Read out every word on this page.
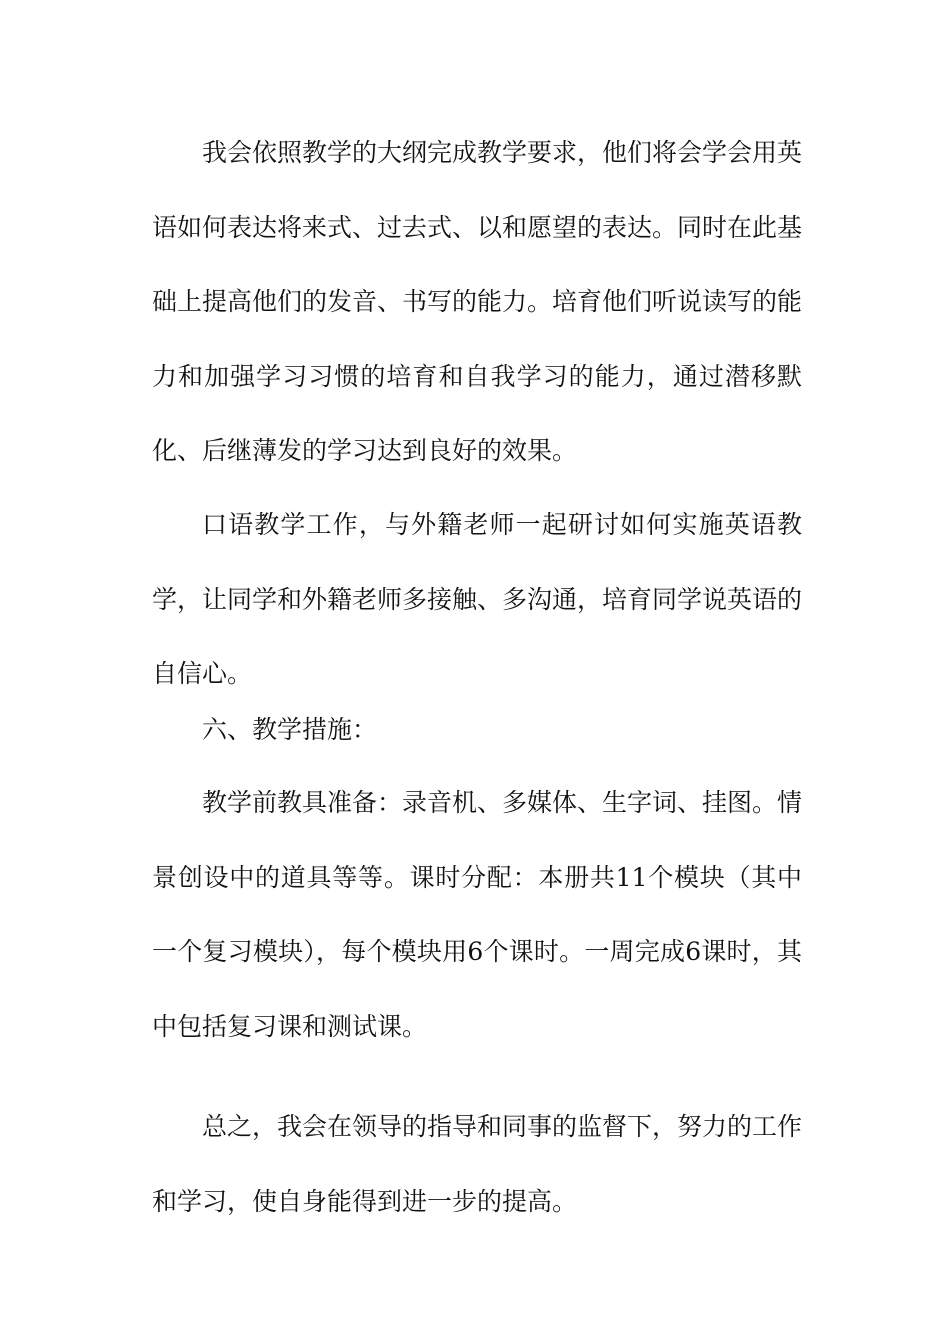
我会依照教学的大纲完成教学要求，他们将会学会用英语如何表达将来式、过去式、以和愿望的表达。同时在此基础上提高他们的发音、书写的能力。培育他们听说读写的能力和加强学习习惯的培育和自我学习的能力，通过潜移默化、后继薄发的学习达到良好的效果。

口语教学工作，与外籍老师一起研讨如何实施英语教学，让同学和外籍老师多接触、多沟通，培育同学说英语的自信心。

六、教学措施：

教学前教具准备：录音机、多媒体、生字词、挂图。情景创设中的道具等等。课时分配：本册共11个模块（其中一个复习模块），每个模块用6个课时。一周完成6课时，其中包括复习课和测试课。

总之，我会在领导的指导和同事的监督下，努力的工作和学习，使自身能得到进一步的提高。
